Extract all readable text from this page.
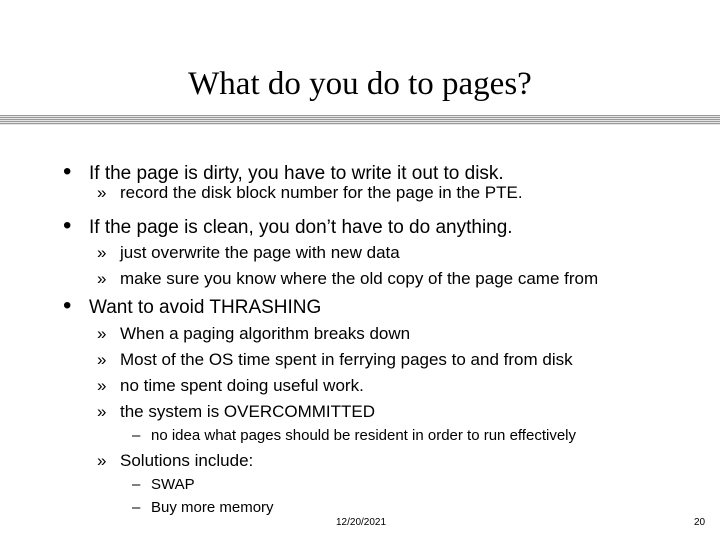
What do you do to pages?
• If the page is dirty, you have to write it out to disk.
» record the disk block number for the page in the PTE.
• If the page is clean, you don’t have to do anything.
» just overwrite the page with new data
» make sure you know where the old copy of the page came from
• Want to avoid THRASHING
» When a paging algorithm breaks down
» Most of the OS time spent in ferrying pages to and from disk
» no time spent doing useful work.
» the system is OVERCOMMITTED
– no idea what pages should be resident in order to run effectively
» Solutions include:
– SWAP
– Buy more memory
12/20/2021	20
